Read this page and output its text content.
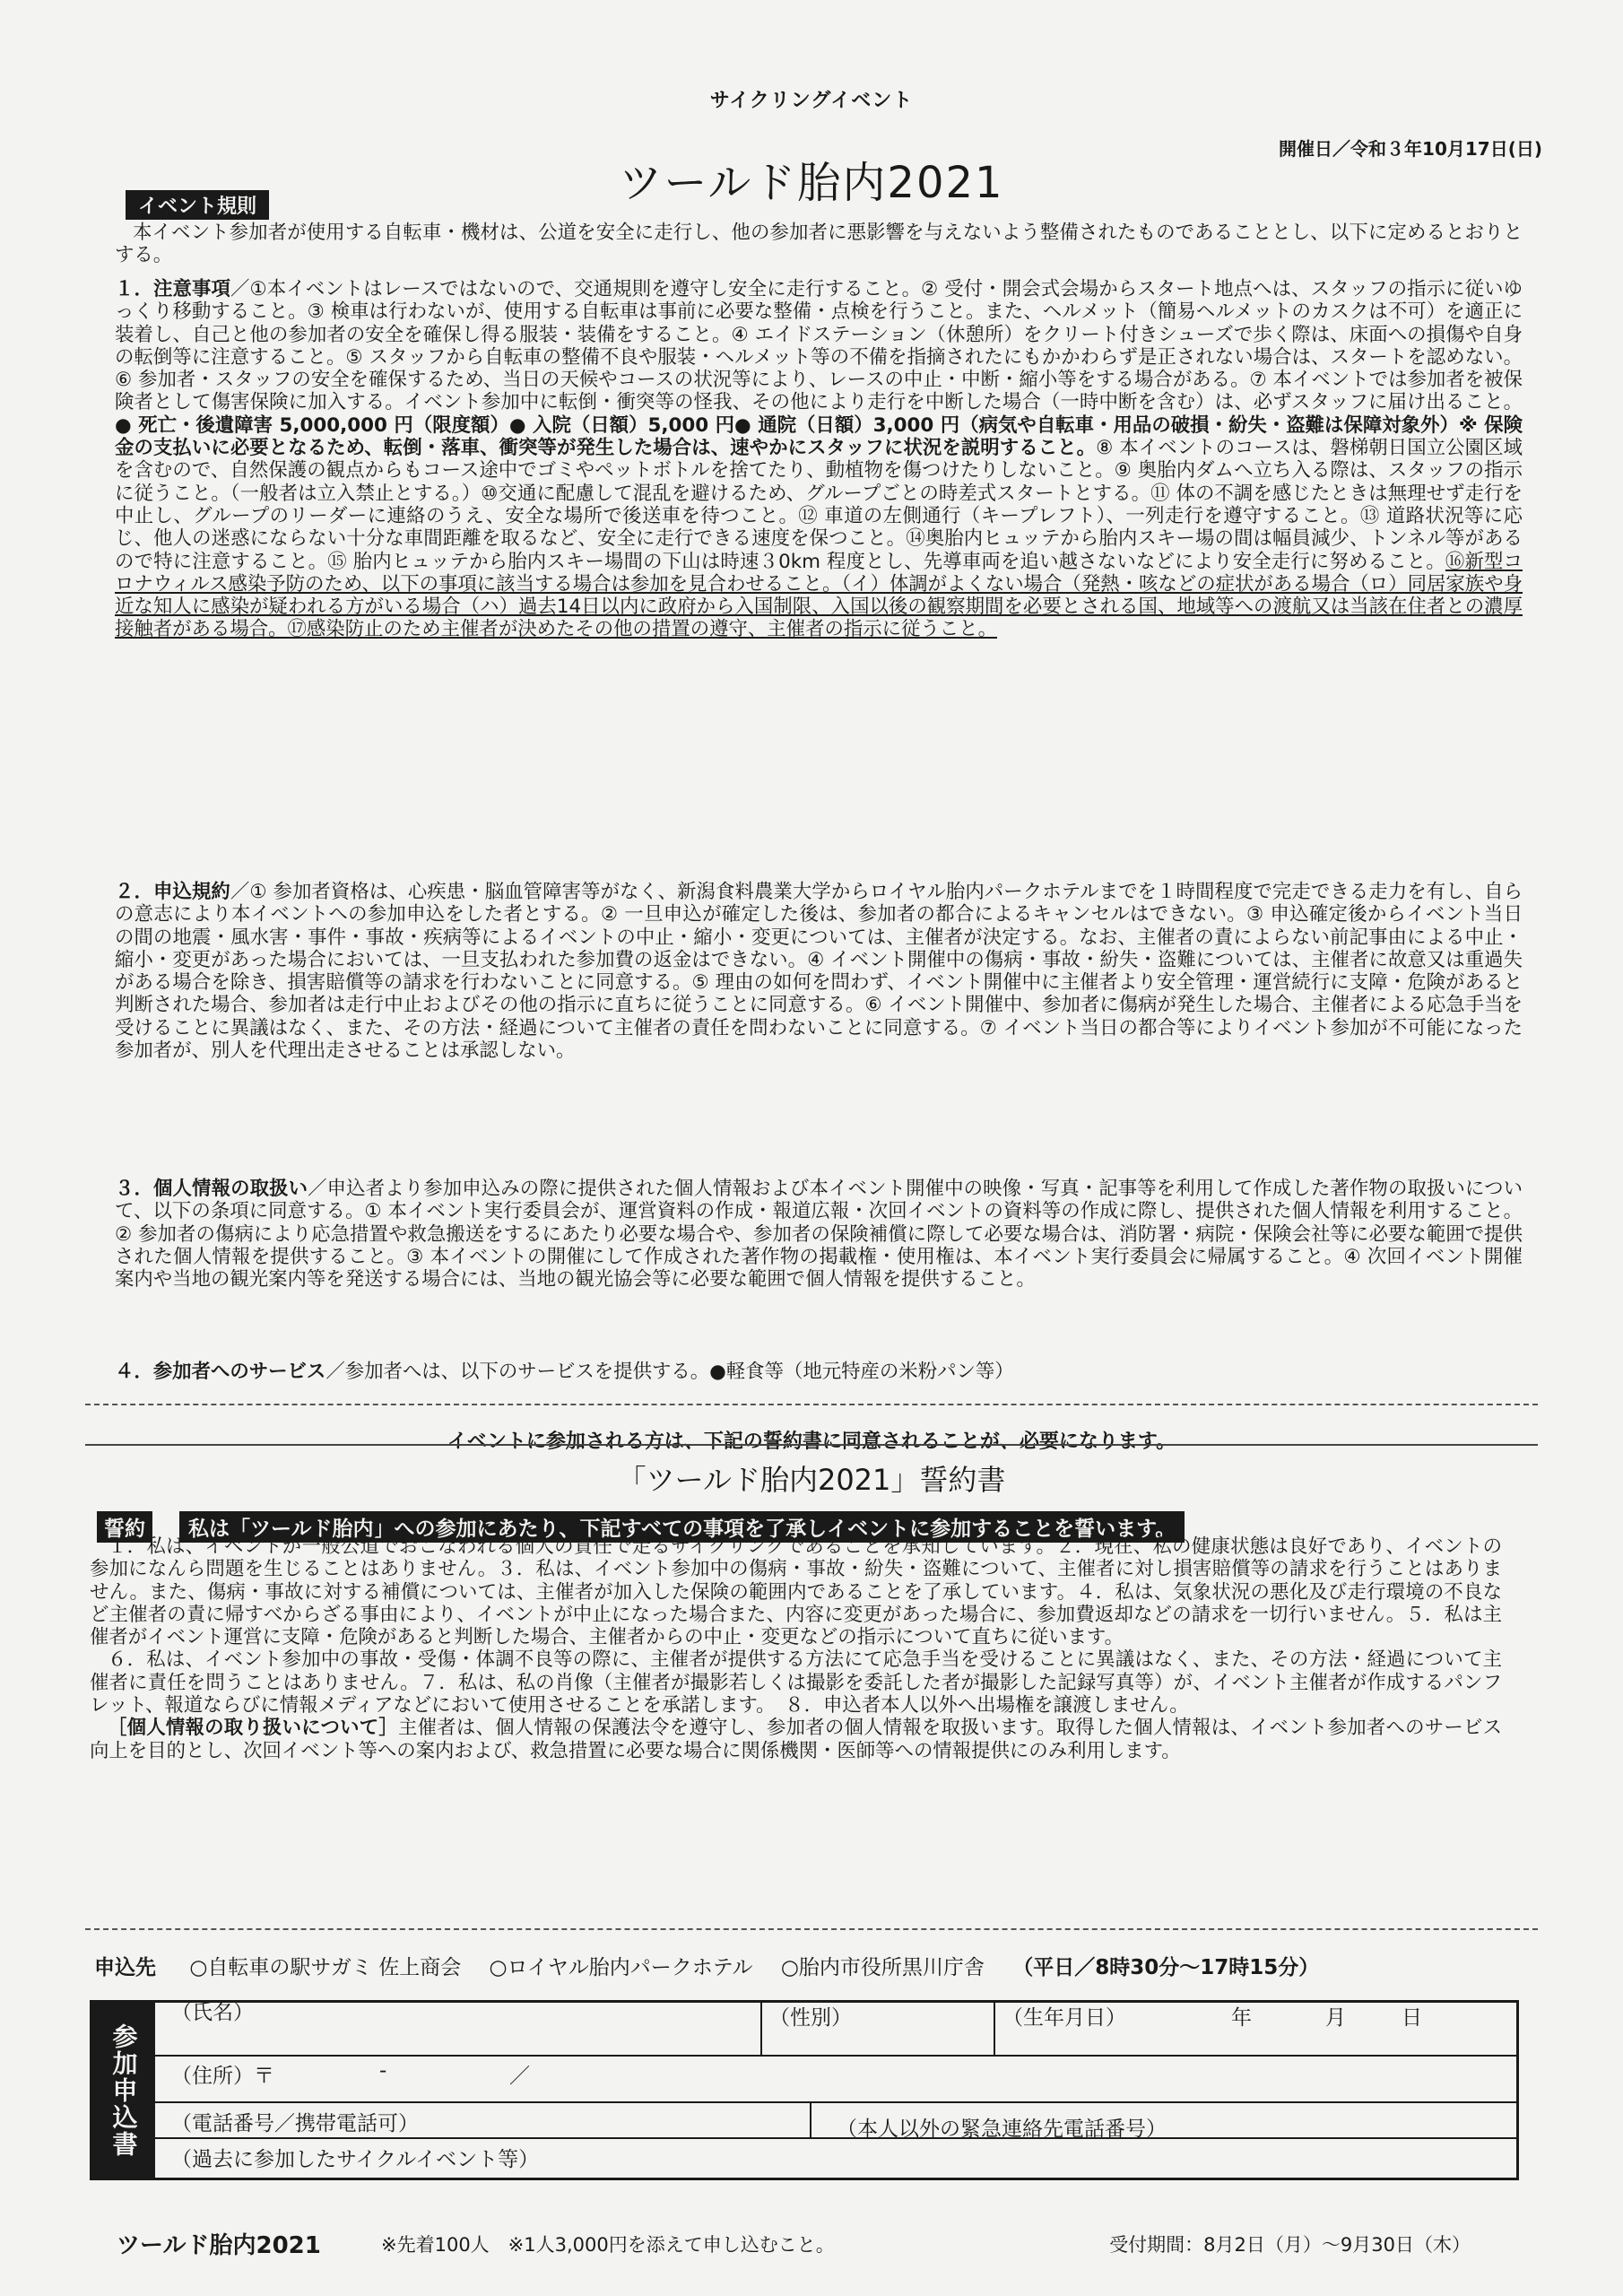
サイクリングイベント
開催日／令和３年10月17日(日)
ツールド胎内2021
イベント規則

本イベント参加者が使用する自転車・機材は、公道を安全に走行し、他の参加者に悪影響を与えないよう整備されたものであることとし、以下に定めるとおりとする。

１．注意事項／①本イベントはレースではないので、交通規則を遵守し安全に走行すること。② 受付・開会式会場からスタート地点へは、スタッフの指示に従いゆっくり移動すること。③ 検車は行わないが、使用する自転車は事前に必要な整備・点検を行うこと。また、ヘルメット（簡易ヘルメットのカスクは不可）を適正に装着し、自己と他の参加者の安全を確保し得る服装・装備をすること。④ エイドステーション（休憩所）をクリート付きシューズで歩く際は、床面への損傷や自身の転倒等に注意すること。⑤ スタッフから自転車の整備不良や服装・ヘルメット等の不備を指摘されたにもかかわらず是正されない場合は、スタートを認めない。⑥ 参加者・スタッフの安全を確保するため、当日の天候やコースの状況等により、レースの中止・中断・縮小等をする場合がある。⑦ 本イベントでは参加者を被保険者として傷害保険に加入する。イベント参加中に転倒・衝突等の怪我、その他により走行を中断した場合（一時中断を含む）は、必ずスタッフに届け出ること。● 死亡・後遺障害 5,000,000 円（限度額）● 入院（日額）5,000 円● 通院（日額）3,000 円（病気や自転車・用品の破損・紛失・盗難は保障対象外）※ 保険金の支払いに必要となるため、転倒・落車、衝突等が発生した場合は、速やかにスタッフに状況を説明すること。⑧ 本イベントのコースは、磐梯朝日国立公園区域を含むので、自然保護の観点からもコース途中でゴミやペットボトルを捨てたり、動植物を傷つけたりしないこと。⑨ 奥胎内ダムへ立ち入る際は、スタッフの指示に従うこと。（一般者は立入禁止とする。）⑩交通に配慮して混乱を避けるため、グループごとの時差式スタートとする。⑪ 体の不調を感じたときは無理せず走行を中止し、グループのリーダーに連絡のうえ、安全な場所で後送車を待つこと。⑫ 車道の左側通行（キープレフト）、一列走行を遵守すること。⑬ 道路状況等に応じ、他人の迷惑にならない十分な車間距離を取るなど、安全に走行できる速度を保つこと。⑭奥胎内ヒュッテから胎内スキー場の間は幅員減少、トンネル等があるので特に注意すること。⑮ 胎内ヒュッテから胎内スキー場間の下山は時速３0km 程度とし、先導車両を追い越さないなどにより安全走行に努めること。⑯新型コロナウィルス感染予防のため、以下の事項に該当する場合は参加を見合わせること。（イ）体調がよくない場合（発熱・咳などの症状がある場合（ロ）同居家族や身近な知人に感染が疑われる方がいる場合（ハ）過去14日以内に政府から入国制限、入国以後の観察期間を必要とされる国、地域等への渡航又は当該在住者との濃厚接触者がある場合。⑰感染防止のため主催者が決めたその他の措置の遵守、主催者の指示に従うこと。

２．申込規約／① 参加者資格は、心疾患・脳血管障害等がなく、新潟食料農業大学からロイヤル胎内パークホテルまでを１時間程度で完走できる走力を有し、自らの意志により本イベントへの参加申込をした者とする。② 一旦申込が確定した後は、参加者の都合によるキャンセルはできない。③ 申込確定後からイベント当日の間の地震・風水害・事件・事故・疾病等によるイベントの中止・縮小・変更については、主催者が決定する。なお、主催者の責によらない前記事由による中止・縮小・変更があった場合においては、一旦支払われた参加費の返金はできない。④ イベント開催中の傷病・事故・紛失・盗難については、主催者に故意又は重過失がある場合を除き、損害賠償等の請求を行わないことに同意する。⑤ 理由の如何を問わず、イベント開催中に主催者より安全管理・運営続行に支障・危険があると判断された場合、参加者は走行中止およびその他の指示に直ちに従うことに同意する。⑥ イベント開催中、参加者に傷病が発生した場合、主催者による応急手当を受けることに異議はなく、また、その方法・経過について主催者の責任を問わないことに同意する。⑦ イベント当日の都合等によりイベント参加が不可能になった参加者が、別人を代理出走させることは承認しない。

３．個人情報の取扱い／申込者より参加申込みの際に提供された個人情報および本イベント開催中の映像・写真・記事等を利用して作成した著作物の取扱いについて、以下の条項に同意する。① 本イベント実行委員会が、運営資料の作成・報道広報・次回イベントの資料等の作成に際し、提供された個人情報を利用すること。② 参加者の傷病により応急措置や救急搬送をするにあたり必要な場合や、参加者の保険補償に際して必要な場合は、消防署・病院・保険会社等に必要な範囲で提供された個人情報を提供すること。③ 本イベントの開催にして作成された著作物の掲載権・使用権は、本イベント実行委員会に帰属すること。④ 次回イベント開催案内や当地の観光案内等を発送する場合には、当地の観光協会等に必要な範囲で個人情報を提供すること。

４．参加者へのサービス／参加者へは、以下のサービスを提供する。●軽食等（地元特産の米粉パン等）

イベントに参加される方は、下記の誓約書に同意されることが、必要になります。
「ツールド胎内2021」誓約書
誓約	私は「ツールド胎内」への参加にあたり、下記すべての事項を了承しイベントに参加することを誓います。

１．私は、イベントが一般公道でおこなわれる個人の責任で走るサイクリングであることを承知しています。２．現在、私の健康状態は良好であり、イベントの参加になんら問題を生じることはありません。３．私は、イベント参加中の傷病・事故・紛失・盗難について、主催者に対し損害賠償等の請求を行うことはありません。また、傷病・事故に対する補償については、主催者が加入した保険の範囲内であることを了承しています。４．私は、気象状況の悪化及び走行環境の不良など主催者の責に帰すべからざる事由により、イベントが中止になった場合また、内容に変更があった場合に、参加費返却などの請求を一切行いません。５．私は主催者がイベント運営に支障・危険があると判断した場合、主催者からの中止・変更などの指示について直ちに従います。

６．私は、イベント参加中の事故・受傷・体調不良等の際に、主催者が提供する方法にて応急手当を受けることに異議はなく、また、その方法・経過について主催者に責任を問うことはありません。７．私は、私の肖像（主催者が撮影若しくは撮影を委託した者が撮影した記録写真等）が、イベント主催者が作成するパンフレット、報道ならびに情報メディアなどにおいて使用させることを承諾します。　８．申込者本人以外へ出場権を譲渡しません。

［個人情報の取り扱いについて］主催者は、個人情報の保護法令を遵守し、参加者の個人情報を取扱います。取得した個人情報は、イベント参加者へのサービス向上を目的とし、次回イベント等への案内および、救急措置に必要な場合に関係機関・医師等への情報提供にのみ利用します。

申込先 ○自転車の駅サガミ 佐上商会 ○ロイヤル胎内パークホテル ○胎内市役所黒川庁舎 （平日／8時30分～17時15分）
参加申込書
（氏名）	（性別）	（生年月日）	年	月	日
（住所）〒	-	／
（電話番号／携帯電話可）	（本人以外の緊急連絡先電話番号）
（過去に参加したサイクルイベント等）
ツールド胎内2021	※先着100人　※1人3,000円を添えて申し込むこと。	受付期間：8月2日（月）～9月30日（木）
